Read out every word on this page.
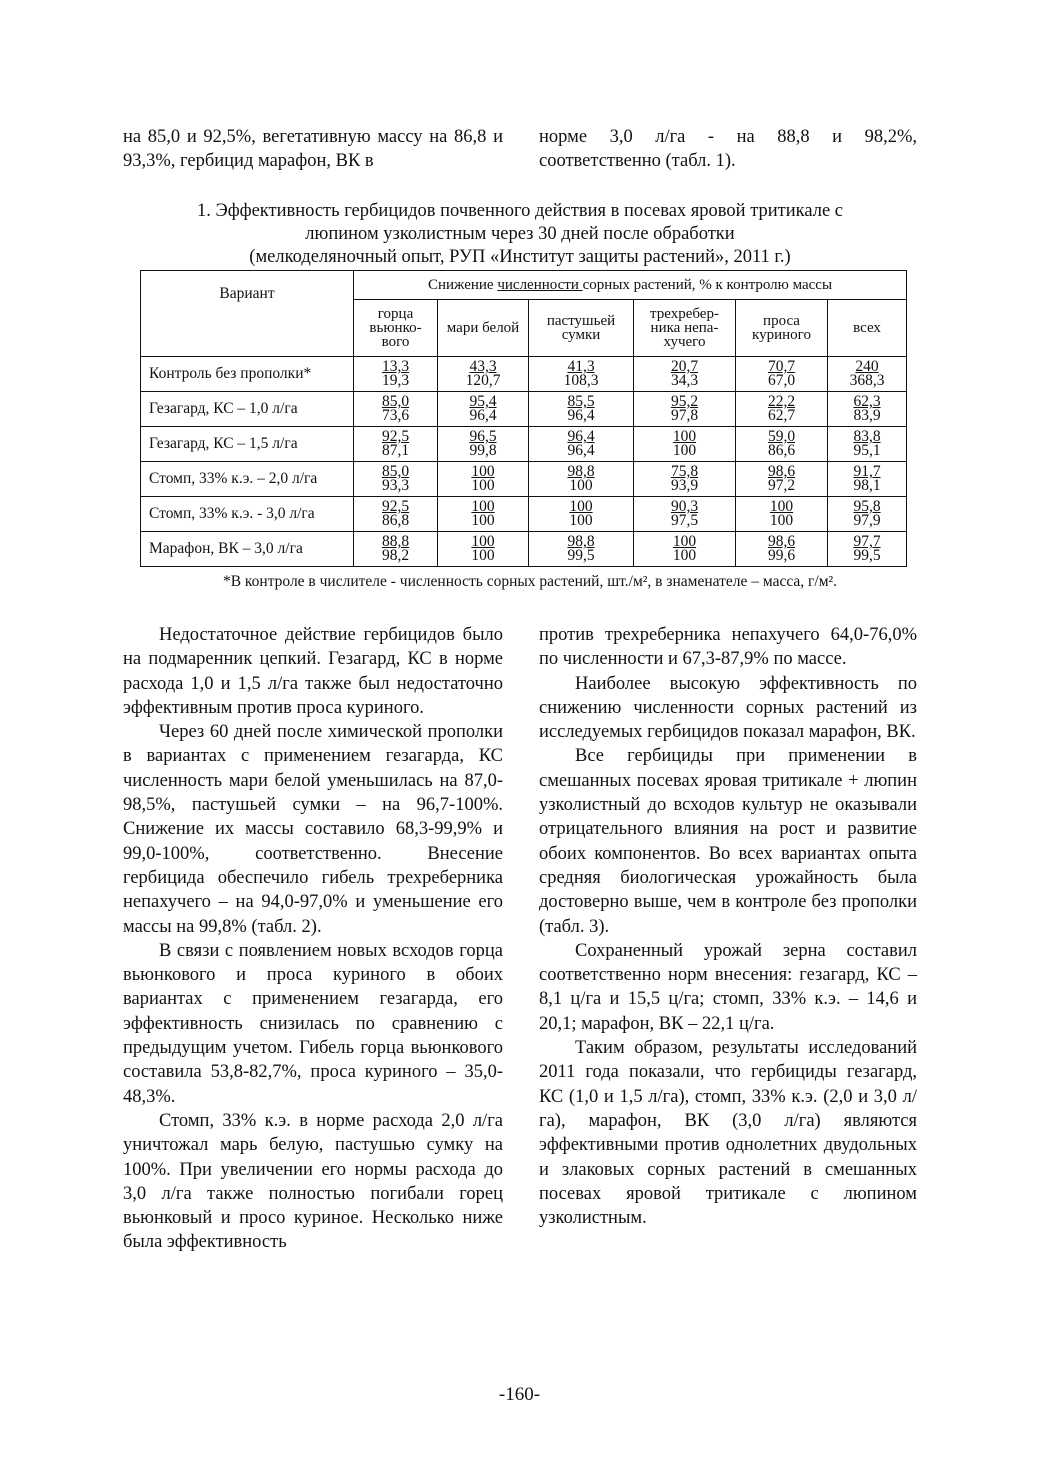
на 85,0 и 92,5%, вегетативную массу на 86,8 и 93,3%, гербицид марафон, ВК в

норме 3,0 л/га - на 88,8 и 98,2%, соответственно (табл. 1).

1. Эффективность гербицидов почвенного действия в посевах яровой тритикале с
люпином узколистным через 30 дней после обработки
(мелкоделяночный опыт, РУП «Институт защиты растений», 2011 г.)
Вариант	Снижение численности сорных растений, % к контролю массы					
	горца вьюнко-вого	мари белой	пастушьей сумки	трехребер-ника непа-хучего	проса куриного	всех
Контроль без прополки*	$\frac{13,3}{19,3}$	$\frac{43,3}{120,7}$	$\frac{41,3}{108,3}$	$\frac{20,7}{34,3}$	$\frac{70,7}{67,0}$	$\frac{240}{368,3}$

Гезагард, КС – 1,0 л/га	$\frac{85,0}{73,6}$	$\frac{95,4}{96,4}$	$\frac{85,5}{96,4}$	$\frac{95,2}{97,8}$	$\frac{22,2}{62,7}$	$\frac{62,3}{83,9}$

Гезагард, КС – 1,5 л/га	$\frac{92,5}{87,1}$	$\frac{96,5}{99,8}$	$\frac{96,4}{96,4}$	$\frac{100}{100}$	$\frac{59,0}{86,6}$	$\frac{83,8}{95,1}$

Стомп, 33% к.э. – 2,0 л/га	$\frac{85,0}{93,3}$	$\frac{100}{100}$	$\frac{98,8}{100}$	$\frac{75,8}{93,9}$	$\frac{98,6}{97,2}$	$\frac{91,7}{98,1}$

Стомп, 33% к.э. - 3,0 л/га	$\frac{92,5}{86,8}$	$\frac{100}{100}$	$\frac{100}{100}$	$\frac{90,3}{97,5}$	$\frac{100}{100}$	$\frac{95,8}{97,9}$

Марафон, ВК – 3,0 л/га	$\frac{88,8}{98,2}$	$\frac{100}{100}$	$\frac{98,8}{99,5}$	$\frac{100}{100}$	$\frac{98,6}{99,6}$	$\frac{97,7}{99,5}$
*В контроле в числителе - численность сорных растений, шт./м², в знаменателе – масса, г/м².

Недостаточное действие гербицидов было на подмаренник цепкий. Гезагард, КС в норме расхода 1,0 и 1,5 л/га также был недостаточно эффективным против проса куриного.

Через 60 дней после химической прополки в вариантах с применением гезагарда, КС численность мари белой уменьшилась на 87,0-98,5%, пастушьей сумки – на 96,7-100%. Снижение их массы составило 68,3-99,9% и 99,0-100%, соответственно. Внесение гербицида обеспечило гибель трехреберника непахучего – на 94,0-97,0% и уменьшение его массы на 99,8% (табл. 2).

В связи с появлением новых всходов горца вьюнкового и проса куриного в обоих вариантах с применением гезагарда, его эффективность снизилась по сравнению с предыдущим учетом. Гибель горца вьюнкового составила 53,8-82,7%, проса куриного – 35,0-48,3%.

Стомп, 33% к.э. в норме расхода 2,0 л/га уничтожал марь белую, пастушью сумку на 100%. При увеличении его нормы расхода до 3,0 л/га также полностью погибали горец вьюнковый и просо куриное. Несколько ниже была эффективность

против трехреберника непахучего 64,0-76,0% по численности и 67,3-87,9% по массе.

Наиболее высокую эффективность по снижению численности сорных растений из исследуемых гербицидов показал марафон, ВК.

Все гербициды при применении в смешанных посевах яровая тритикале + люпин узколистный до всходов культур не оказывали отрицательного влияния на рост и развитие обоих компонентов. Во всех вариантах опыта средняя биологическая урожайность была достоверно выше, чем в контроле без прополки (табл. 3).

Сохраненный урожай зерна составил соответственно норм внесения: гезагард, КС – 8,1 ц/га и 15,5 ц/га; стомп, 33% к.э. – 14,6 и 20,1; марафон, ВК – 22,1 ц/га.

Таким образом, результаты исследований 2011 года показали, что гербициды гезагард, КС (1,0 и 1,5 л/га), стомп, 33% к.э. (2,0 и 3,0 л/га), марафон, ВК (3,0 л/га) являются эффективными против однолетних двудольных и злаковых сорных растений в смешанных посевах яровой тритикале с люпином узколистным.

-160-
